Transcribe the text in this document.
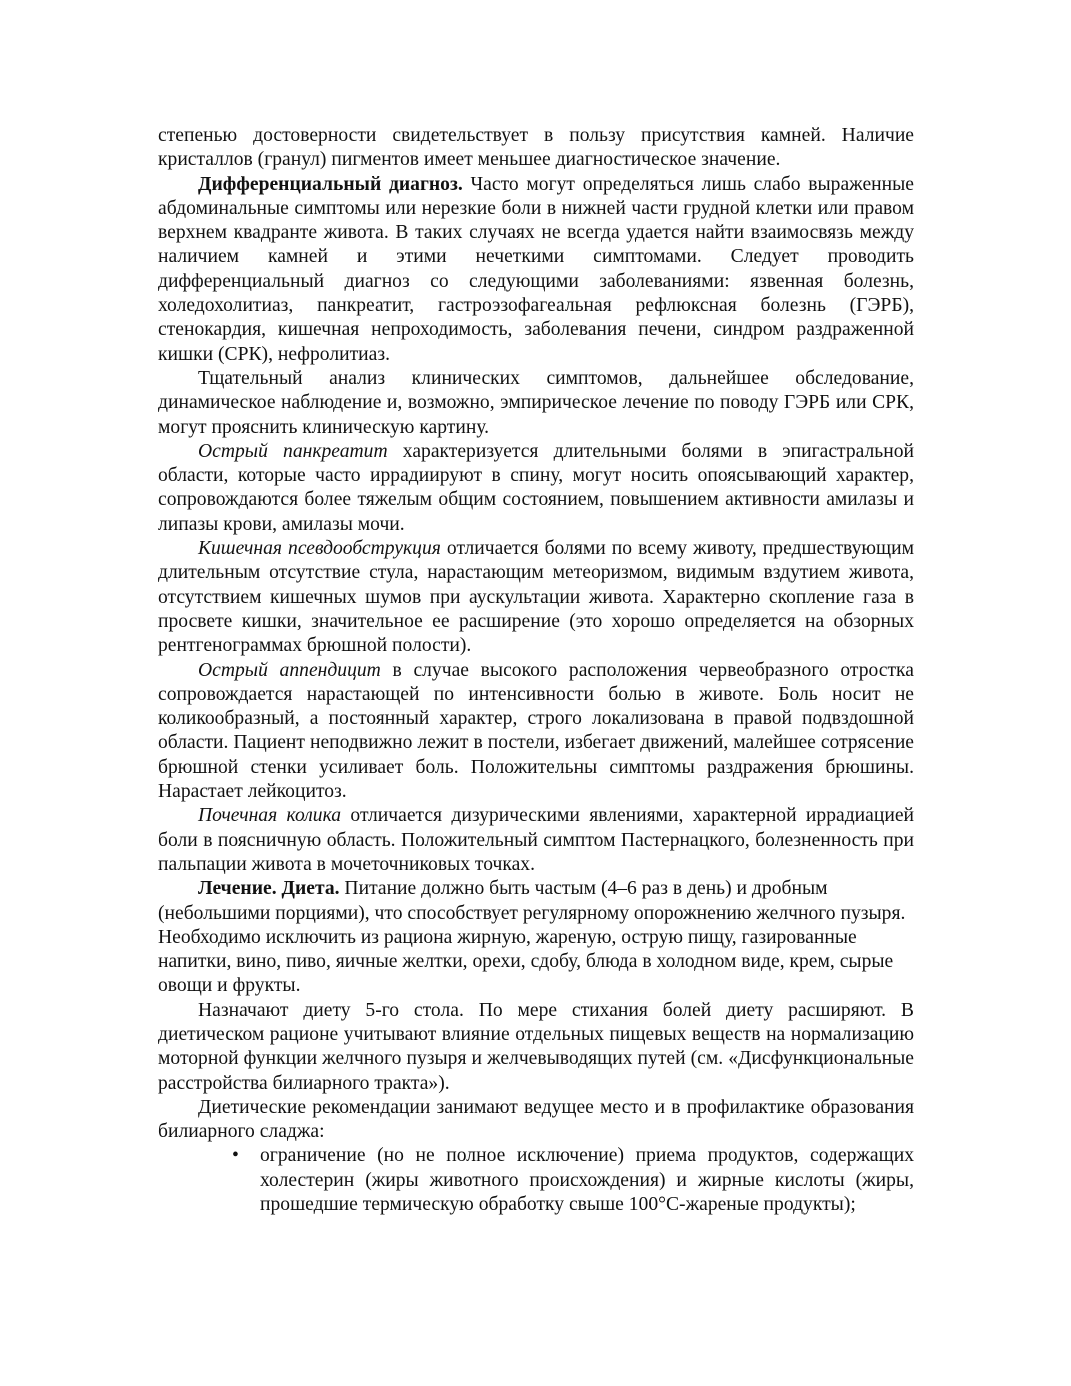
степенью достоверности свидетельствует в пользу присутствия камней. Наличие кристаллов (гранул) пигментов имеет меньшее диагностическое значение.

Дифференциальный диагноз. Часто могут определяться лишь слабо выраженные абдоминальные симптомы или нерезкие боли в нижней части грудной клетки или правом верхнем квадранте живота. В таких случаях не всегда удается найти взаимосвязь между наличием камней и этими нечеткими симптомами. Следует проводить дифференциальный диагноз со следующими заболеваниями: язвенная болезнь, холедохолитиаз, панкреатит, гастроэзофагеальная рефлюксная болезнь (ГЭРБ), стенокардия, кишечная непроходимость, заболевания печени, синдром раздраженной кишки (СРК), нефролитиаз.

Тщательный анализ клинических симптомов, дальнейшее обследование, динамическое наблюдение и, возможно, эмпирическое лечение по поводу ГЭРБ или СРК, могут прояснить клиническую картину.

Острый панкреатит характеризуется длительными болями в эпигастральной области, которые часто иррадиируют в спину, могут носить опоясывающий характер, сопровождаются более тяжелым общим состоянием, повышением активности амилазы и липазы крови, амилазы мочи.

Кишечная псевдообструкция отличается болями по всему животу, предшествующим длительным отсутствие стула, нарастающим метеоризмом, видимым вздутием живота, отсутствием кишечных шумов при аускультации живота. Характерно скопление газа в просвете кишки, значительное ее расширение (это хорошо определяется на обзорных рентгенограммах брюшной полости).

Острый аппендицит в случае высокого расположения червеобразного отростка сопровождается нарастающей по интенсивности болью в животе. Боль носит не коликообразный, а постоянный характер, строго локализована в правой подвздошной области. Пациент неподвижно лежит в постели, избегает движений, малейшее сотрясение брюшной стенки усиливает боль. Положительны симптомы раздражения брюшины. Нарастает лейкоцитоз.

Почечная колика отличается дизурическими явлениями, характерной иррадиацией боли в поясничную область. Положительный симптом Пастернацкого, болезненность при пальпации живота в мочеточниковых точках.

Лечение. Диета. Питание должно быть частым (4–6 раз в день) и дробным (небольшими порциями), что способствует регулярному опорожнению желчного пузыря. Необходимо исключить из рациона жирную, жареную, острую пищу, газированные напитки, вино, пиво, яичные желтки, орехи, сдобу, блюда в холодном виде, крем, сырые овощи и фрукты.

Назначают диету 5-го стола. По мере стихания болей диету расширяют. В диетическом рационе учитывают влияние отдельных пищевых веществ на нормализацию моторной функции желчного пузыря и желчевыводящих путей (см. «Дисфункциональные расстройства билиарного тракта»).

Диетические рекомендации занимают ведущее место и в профилактике образования билиарного сладжа:

• ограничение (но не полное исключение) приема продуктов, содержащих холестерин (жиры животного происхождения) и жирные кислоты (жиры, прошедшие термическую обработку свыше 100°С-жареные продукты);
